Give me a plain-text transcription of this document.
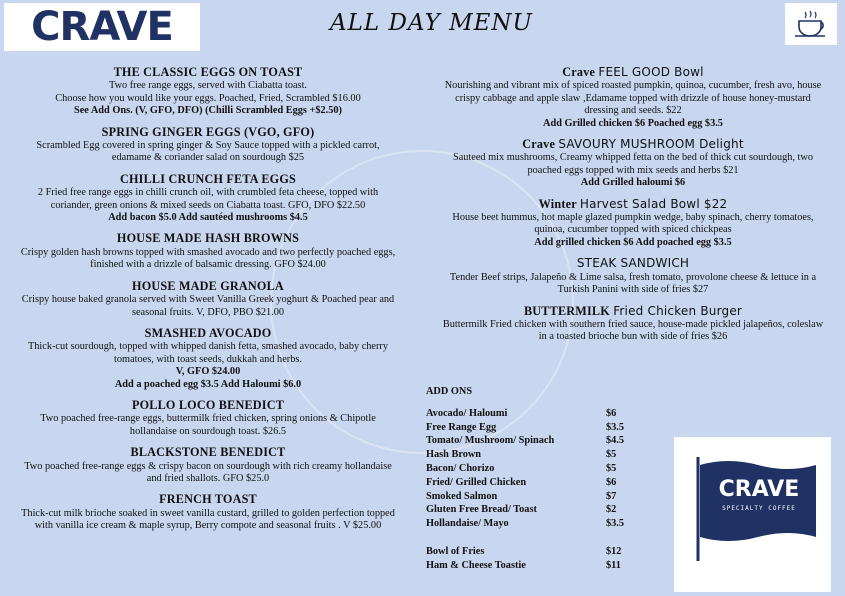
CRAVE	ALL DAY MENU
THE CLASSIC EGGS ON TOAST

Two free range eggs, served with Ciabatta toast.

Choose how you would like your eggs. Poached, Fried, Scrambled $16.00

See Add Ons. (V, GFO, DFO) (Chilli Scrambled Eggs +$2.50)

SPRING GINGER EGGS (VGO, GFO)

Scrambled Egg covered in spring ginger & Soy Sauce topped with a pickled carrot,

edamame & coriander salad on sourdough $25

CHILLI CRUNCH FETA EGGS

2 Fried free range eggs in chilli crunch oil, with crumbled feta cheese, topped with

coriander, green onions & mixed seeds on Ciabatta toast. GFO, DFO $22.50

Add bacon $5.0 Add sautéed mushrooms $4.5

HOUSE MADE HASH BROWNS

Crispy golden hash browns topped with smashed avocado and two perfectly poached eggs,

finished with a drizzle of balsamic dressing. GFO $24.00

HOUSE MADE GRANOLA

Crispy house baked granola served with Sweet Vanilla Greek yoghurt & Poached pear and

seasonal fruits. V, DFO, PBO $21.00

SMASHED AVOCADO

Thick-cut sourdough, topped with whipped danish fetta, smashed avocado, baby cherry

tomatoes, with toast seeds, dukkah and herbs.

V, GFO $24.00

Add a poached egg $3.5 Add Haloumi $6.0

POLLO LOCO BENEDICT

Two poached free-range eggs, buttermilk fried chicken, spring onions & Chipotle

hollandaise on sourdough toast. $26.5

BLACKSTONE BENEDICT

Two poached free-range eggs & crispy bacon on sourdough with rich creamy hollandaise

and fried shallots. GFO $25.0

FRENCH TOAST

Thick-cut milk brioche soaked in sweet vanilla custard, grilled to golden perfection topped

with vanilla ice cream & maple syrup, Berry compote and seasonal fruits . V $25.00

Crave FEEL GOOD Bowl

Nourishing and vibrant mix of spiced roasted pumpkin, quinoa, cucumber, fresh avo, house

crispy cabbage and apple slaw ,Edamame topped with drizzle of house honey-mustard

dressing and seeds. $22

Add Grilled chicken $6 Poached egg $3.5

Crave SAVOURY MUSHROOM Delight

Sauteed mix mushrooms, Creamy whipped fetta on the bed of thick cut sourdough, two

poached eggs topped with mix seeds and herbs $21

Add Grilled haloumi $6

Winter Harvest Salad Bowl $22

House beet hummus, hot maple glazed pumpkin wedge, baby spinach, cherry tomatoes,

quinoa, cucumber topped with spiced chickpeas

Add grilled chicken $6 Add poached egg $3.5

STEAK SANDWICH

Tender Beef strips, Jalapeño & Lime salsa, fresh tomato, provolone cheese & lettuce in a

Turkish Panini with side of fries $27

BUTTERMILK Fried Chicken Burger

Buttermilk Fried chicken with southern fried sauce, house-made pickled jalapeños, coleslaw

in a toasted brioche bun with side of fries $26

ADD ONS
Avocado/ Haloumi	$6
Free Range Egg	$3.5
Tomato/ Mushroom/ Spinach	$4.5
Hash Brown	$5
Bacon/ Chorizo	$5
Fried/ Grilled Chicken	$6
Smoked Salmon	$7
Gluten Free Bread/ Toast	$2
Hollandaise/ Mayo	$3.5
Bowl of Fries	$12
Ham & Cheese Toastie	$11
CRAVE
SPECIALTY COFFEE
